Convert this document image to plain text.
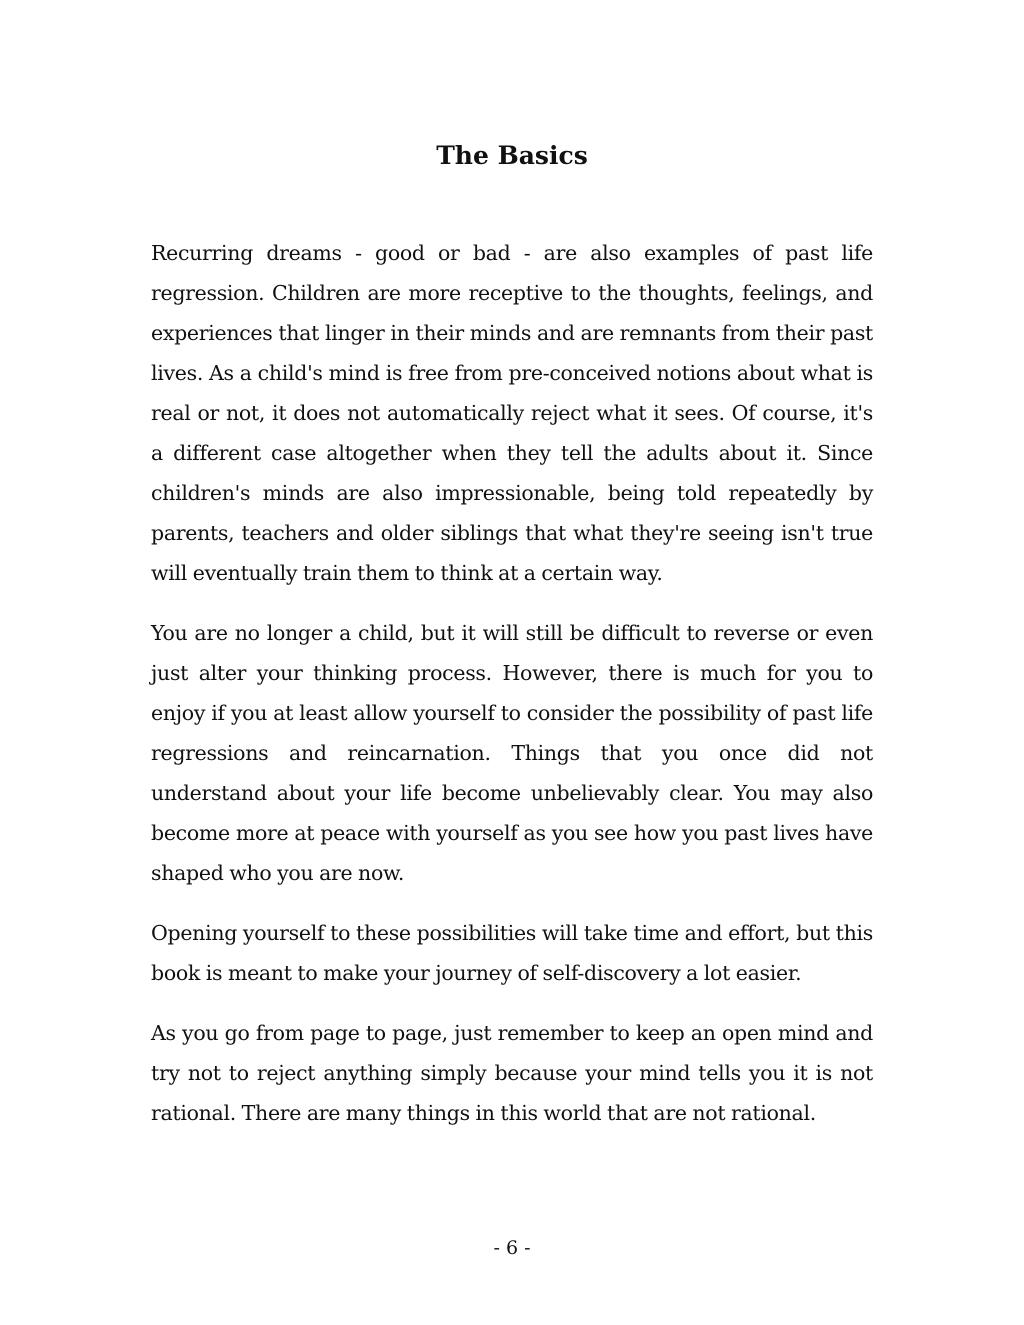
The Basics

Recurring dreams - good or bad - are also examples of past life regression. Children are more receptive to the thoughts, feelings, and experiences that linger in their minds and are remnants from their past lives. As a child's mind is free from pre-conceived notions about what is real or not, it does not automatically reject what it sees. Of course, it's a different case altogether when they tell the adults about it. Since children's minds are also impressionable, being told repeatedly by parents, teachers and older siblings that what they're seeing isn't true will eventually train them to think at a certain way.

You are no longer a child, but it will still be difficult to reverse or even just alter your thinking process. However, there is much for you to enjoy if you at least allow yourself to consider the possibility of past life regressions and reincarnation. Things that you once did not understand about your life become unbelievably clear. You may also become more at peace with yourself as you see how you past lives have shaped who you are now.

Opening yourself to these possibilities will take time and effort, but this book is meant to make your journey of self-discovery a lot easier.

As you go from page to page, just remember to keep an open mind and try not to reject anything simply because your mind tells you it is not rational. There are many things in this world that are not rational.

- 6 -
